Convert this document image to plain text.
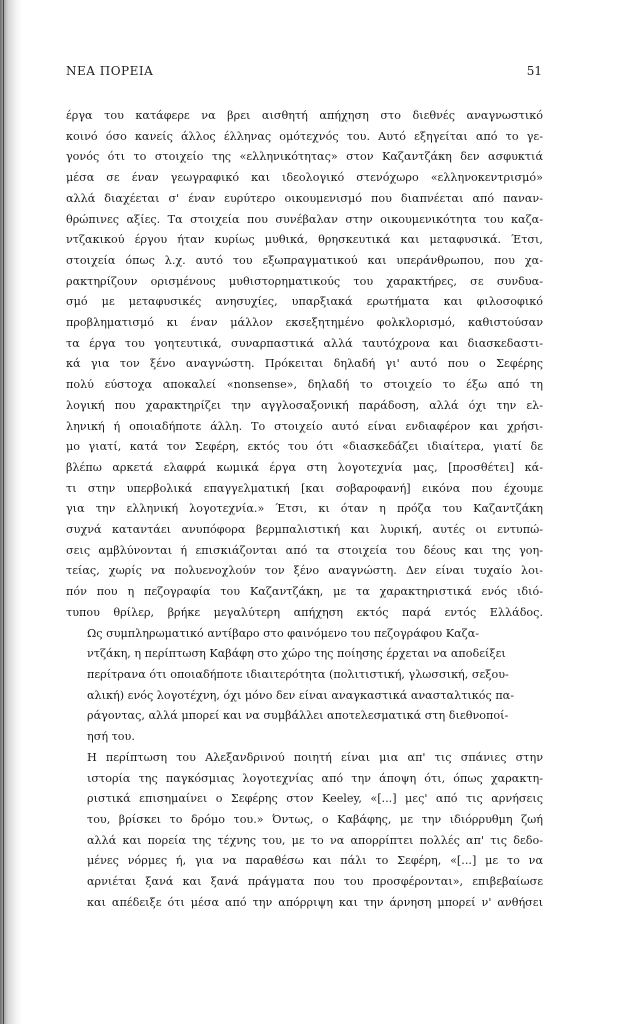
ΝΕΑ ΠΟΡΕΙΑ	51

έργα του κατάφερε να βρει αισθητή απήχηση στο διεθνές αναγνωστικό
κοινό όσο κανείς άλλος έλληνας ομότεχνός του. Αυτό εξηγείται από το γε-
γονός ότι το στοιχείο της «ελληνικότητας» στον Καζαντζάκη δεν ασφυκτιά
μέσα σε έναν γεωγραφικό και ιδεολογικό στενόχωρο «ελληνοκεντρισμό»
αλλά διαχέεται σ' έναν ευρύτερο οικουμενισμό που διαπνέεται από παναν-
θρώπινες αξίες. Τα στοιχεία που συνέβαλαν στην οικουμενικότητα του καζα-
ντζακικού έργου ήταν κυρίως μυθικά, θρησκευτικά και μεταφυσικά. Έτσι,
στοιχεία όπως λ.χ. αυτό του εξωπραγματικού και υπεράνθρωπου, που χα-
ρακτηρίζουν ορισμένους μυθιστορηματικούς του χαρακτήρες, σε συνδυα-
σμό με μεταφυσικές ανησυχίες, υπαρξιακά ερωτήματα και φιλοσοφικό
προβληματισμό κι έναν μάλλον εκσεξητημένο φολκλορισμό, καθιστούσαν
τα έργα του γοητευτικά, συναρπαστικά αλλά ταυτόχρονα και διασκεδαστι-
κά για τον ξένο αναγνώστη. Πρόκειται δηλαδή γι' αυτό που ο Σεφέρης
πολύ εύστοχα αποκαλεί «nonsense», δηλαδή το στοιχείο το έξω από τη
λογική που χαρακτηρίζει την αγγλοσαξονική παράδοση, αλλά όχι την ελ-
ληνική ή οποιαδήποτε άλλη. Το στοιχείο αυτό είναι ενδιαφέρον και χρήσι-
μο γιατί, κατά τον Σεφέρη, εκτός του ότι «διασκεδάζει ιδιαίτερα, γιατί δε
βλέπω αρκετά ελαφρά κωμικά έργα στη λογοτεχνία μας, [προσθέτει] κά-
τι στην υπερβολικά επαγγελματική [και σοβαροφανή] εικόνα που έχουμε
για την ελληνική λογοτεχνία.» Έτσι, κι όταν η πρόζα του Καζαντζάκη
συχνά καταντάει ανυπόφορα βερμπαλιστική και λυρική, αυτές οι εντυπώ-
σεις αμβλύνονται ή επισκιάζονται από τα στοιχεία του δέους και της γοη-
τείας, χωρίς να πολυενοχλούν τον ξένο αναγνώστη. Δεν είναι τυχαίο λοι-
πόν που η πεζογραφία του Καζαντζάκη, με τα χαρακτηριστικά ενός ιδιό-
τυπου θρίλερ, βρήκε μεγαλύτερη απήχηση εκτός παρά εντός Ελλάδος.

Ως συμπληρωματικό αντίβαρο στο φαινόμενο του πεζογράφου Καζα-
ντζάκη, η περίπτωση Καβάφη στο χώρο της ποίησης έρχεται να αποδείξει
περίτρανα ότι οποιαδήποτε ιδιαιτερότητα (πολιτιστική, γλωσσική, σεξου-
αλική) ενός λογοτέχνη, όχι μόνο δεν είναι αναγκαστικά ανασταλτικός πα-
ράγοντας, αλλά μπορεί και να συμβάλλει αποτελεσματικά στη διεθνοποί-
ησή του.

Η περίπτωση του Αλεξανδρινού ποιητή είναι μια απ' τις σπάνιες στην
ιστορία της παγκόσμιας λογοτεχνίας από την άποψη ότι, όπως χαρακτη-
ριστικά επισημαίνει ο Σεφέρης στον Keeley, «[...] μες' από τις αρνήσεις
του, βρίσκει το δρόμο του.» Όντως, ο Καβάφης, με την ιδιόρρυθμη ζωή
αλλά και πορεία της τέχνης του, με το να απορρίπτει πολλές απ' τις δεδο-
μένες νόρμες ή, για να παραθέσω και πάλι το Σεφέρη, «[...] με το να
αρνιέται ξανά και ξανά πράγματα που του προσφέρονται», επιβεβαίωσε
και απέδειξε ότι μέσα από την απόρριψη και την άρνηση μπορεί ν' ανθήσει
